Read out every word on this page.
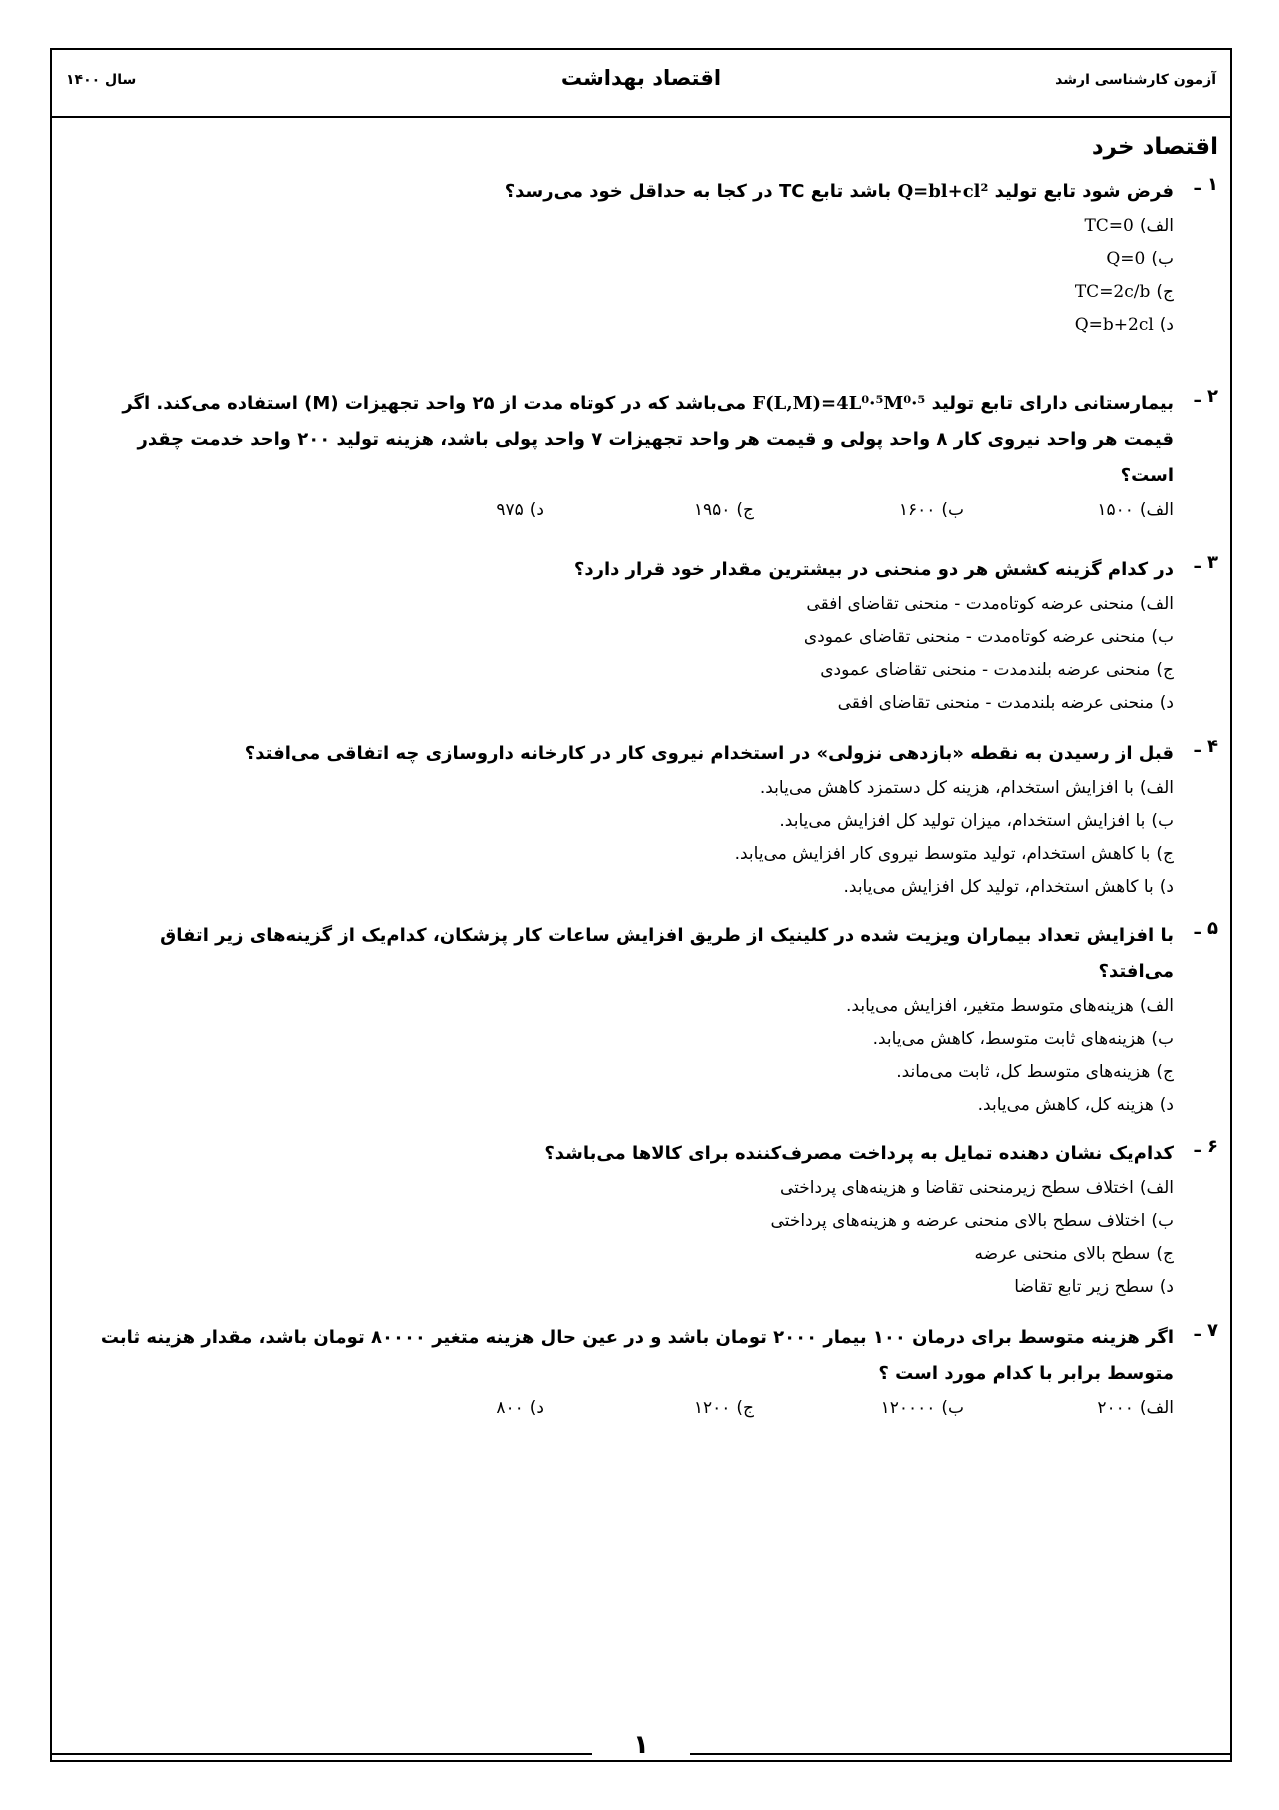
آزمون کارشناسی ارشد
اقتصاد بهداشت
سال ۱۴۰۰
اقتصاد خرد
۱ ـ
فرض شود تابع تولید Q=bl+cl² باشد تابع TC در کجا به حداقل خود می‌رسد؟
الف)
TC=0
ب)
Q=0
ج)
TC=2c/b
د)
Q=b+2cl
۲ ـ
بیمارستانی دارای تابع تولید F(L,M)=4L⁰·⁵M⁰·⁵ می‌باشد که در کوتاه مدت از ۲۵ واحد تجهیزات (M) استفاده می‌کند. اگر قیمت هر واحد نیروی کار ۸ واحد پولی و قیمت هر واحد تجهیزات ۷ واحد پولی باشد، هزینه تولید ۲۰۰ واحد خدمت چقدر است؟
الف)
۱۵۰۰
ب)
۱۶۰۰
ج)
۱۹۵۰
د)
۹۷۵
۳ ـ
در کدام گزینه کشش هر دو منحنی در بیشترین مقدار خود قرار دارد؟
الف)
منحنی عرضه کوتاه‌مدت - منحنی تقاضای افقی
ب)
منحنی عرضه کوتاه‌مدت - منحنی تقاضای عمودی
ج)
منحنی عرضه بلندمدت - منحنی تقاضای عمودی
د)
منحنی عرضه بلندمدت - منحنی تقاضای افقی
۴ ـ
قبل از رسیدن به نقطه «بازدهی نزولی» در استخدام نیروی کار در کارخانه داروسازی چه اتفاقی می‌افتد؟
الف)
با افزایش استخدام، هزینه کل دستمزد کاهش می‌یابد.
ب)
با افزایش استخدام، میزان تولید کل افزایش می‌یابد.
ج)
با کاهش استخدام، تولید متوسط نیروی کار افزایش می‌یابد.
د)
با کاهش استخدام، تولید کل افزایش می‌یابد.
۵ ـ
با افزایش تعداد بیماران ویزیت شده در کلینیک از طریق افزایش ساعات کار پزشکان، کدام‌یک از گزینه‌های زیر اتفاق می‌افتد؟
الف)
هزینه‌های متوسط متغیر، افزایش می‌یابد.
ب)
هزینه‌های ثابت متوسط، کاهش می‌یابد.
ج)
هزینه‌های متوسط کل، ثابت می‌ماند.
د)
هزینه کل، کاهش می‌یابد.
۶ ـ
کدام‌یک نشان دهنده تمایل به پرداخت مصرف‌کننده برای کالاها می‌باشد؟
الف)
اختلاف سطح زیرمنحنی تقاضا و هزینه‌های پرداختی
ب)
اختلاف سطح بالای منحنی عرضه و هزینه‌های پرداختی
ج)
سطح بالای منحنی عرضه
د)
سطح زیر تابع تقاضا
۷ ـ
اگر هزینه متوسط برای درمان ۱۰۰ بیمار ۲۰۰۰ تومان باشد و در عین حال هزینه متغیر ۸۰۰۰۰ تومان باشد، مقدار هزینه ثابت متوسط برابر با کدام مورد است ؟
الف)
۲۰۰۰
ب)
۱۲۰۰۰۰
ج)
۱۲۰۰
د)
۸۰۰
۱
